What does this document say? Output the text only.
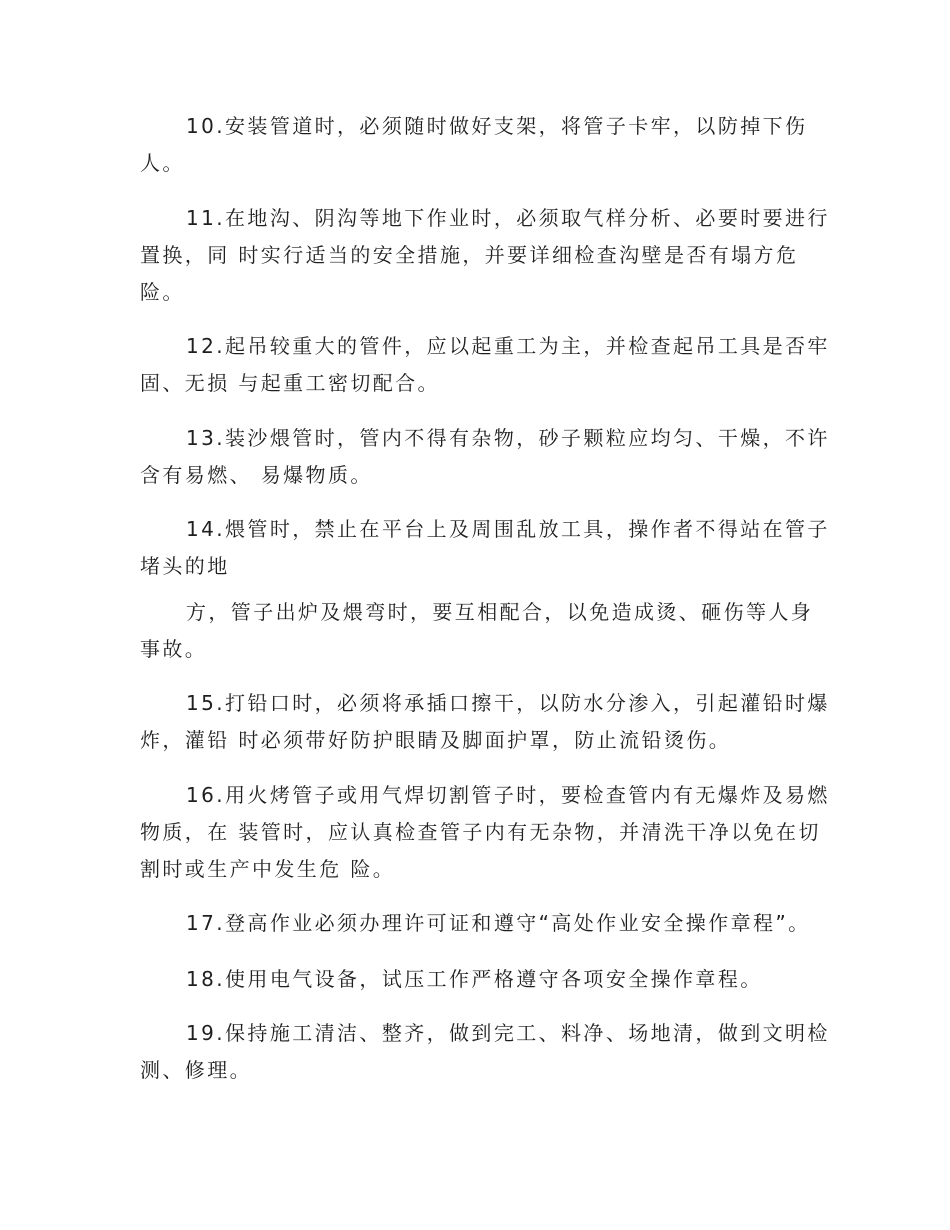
10.安装管道时，必须随时做好支架，将管子卡牢，以防掉下伤
人。
11.在地沟、阴沟等地下作业时，必须取气样分析、必要时要进行
置换，同 时实行适当的安全措施，并要详细检查沟壁是否有塌方危
险。
12.起吊较重大的管件，应以起重工为主，并检查起吊工具是否牢
固、无损 与起重工密切配合。
13.装沙煨管时，管内不得有杂物，砂子颗粒应均匀、干燥，不许
含有易燃、 易爆物质。
14.煨管时，禁止在平台上及周围乱放工具，操作者不得站在管子
堵头的地
方，管子出炉及煨弯时，要互相配合，以免造成烫、砸伤等人身
事故。
15.打铅口时，必须将承插口擦干，以防水分渗入，引起灌铅时爆
炸，灌铅 时必须带好防护眼睛及脚面护罩，防止流铅烫伤。
16.用火烤管子或用气焊切割管子时，要检查管内有无爆炸及易燃
物质，在 装管时，应认真检查管子内有无杂物，并清洗干净以免在切
割时或生产中发生危 险。
17.登高作业必须办理许可证和遵守“高处作业安全操作章程”。
18.使用电气设备，试压工作严格遵守各项安全操作章程。
19.保持施工清洁、整齐，做到完工、料净、场地清，做到文明检
测、修理。
